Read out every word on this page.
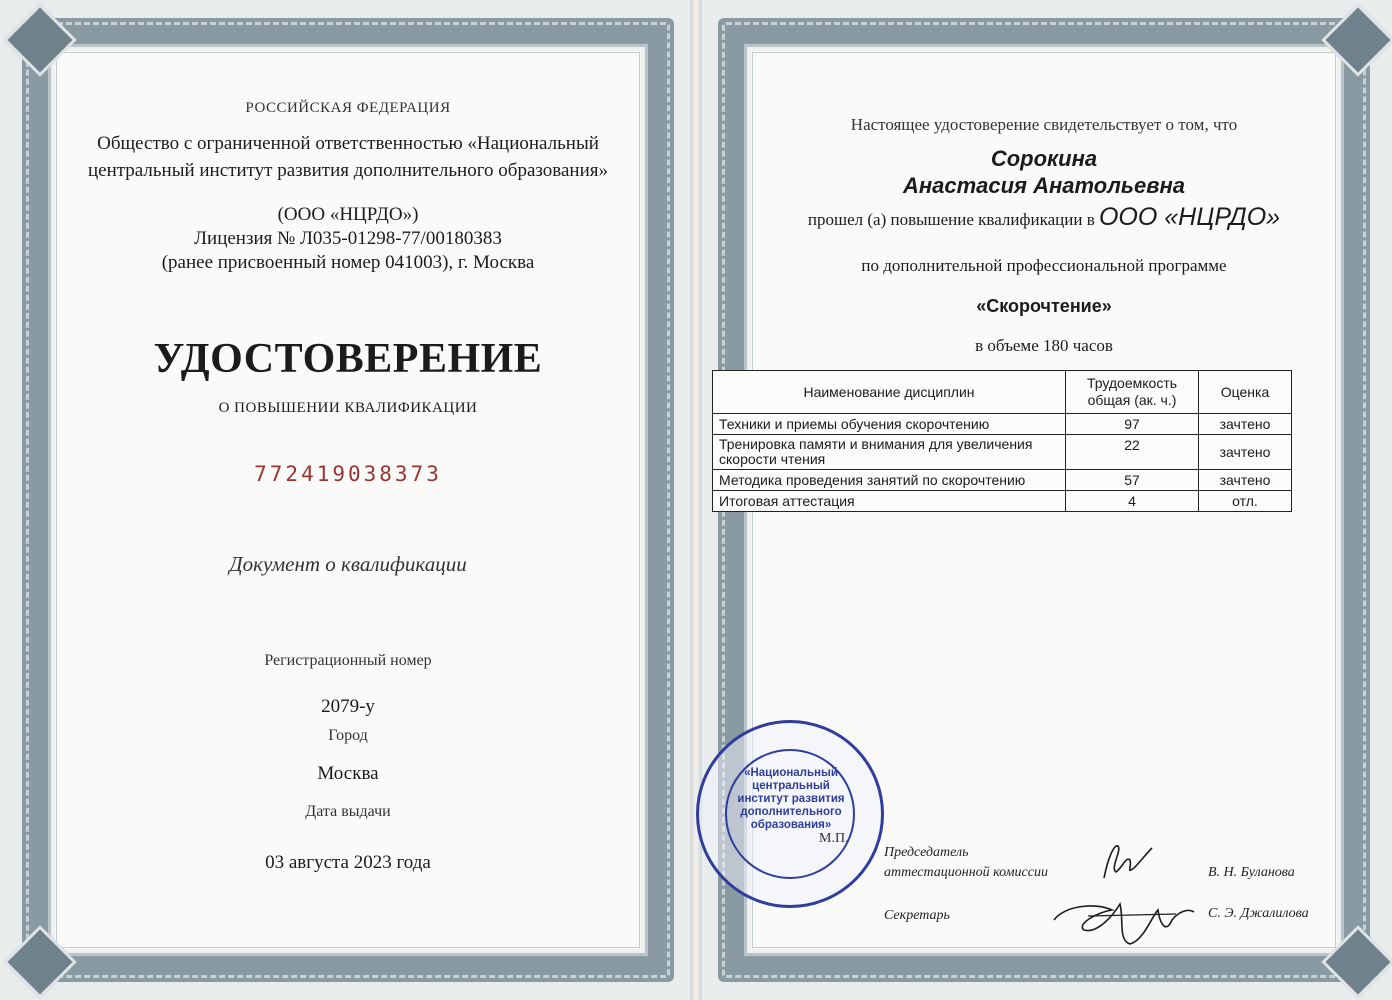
РОССИЙСКАЯ ФЕДЕРАЦИЯ
Общество с ограниченной ответственностью «Национальный
центральный институт развития дополнительного образования»
(ООО «НЦРДО»)
Лицензия № Л035-01298-77/00180383
(ранее присвоенный номер 041003), г. Москва
УДОСТОВЕРЕНИЕ
О ПОВЫШЕНИИ КВАЛИФИКАЦИИ
772419038373
Документ о квалификации
Регистрационный номер
2079-у
Город
Москва
Дата выдачи
03 августа 2023 года
Настоящее удостоверение свидетельствует о том, что
Сорокина
Анастасия Анатольевна
прошел (а) повышение квалификации в ООО «НЦРДО»
по дополнительной профессиональной программе
«Скорочтение»
в объеме 180 часов
Наименование дисциплин	Трудоемкость общая (ак. ч.)	Оценка
Техники и приемы обучения скорочтению	97	зачтено
Тренировка памяти и внимания для увеличения скорости чтения	22	зачтено
Методика проведения занятий по скорочтению	57	зачтено
Итоговая аттестация	4	отл.
«Национальный центральный институт развития дополнительного образования»
М.П.
Председатель аттестационной комиссии	В. Н. Буланова
Секретарь	С. Э. Джалилова
